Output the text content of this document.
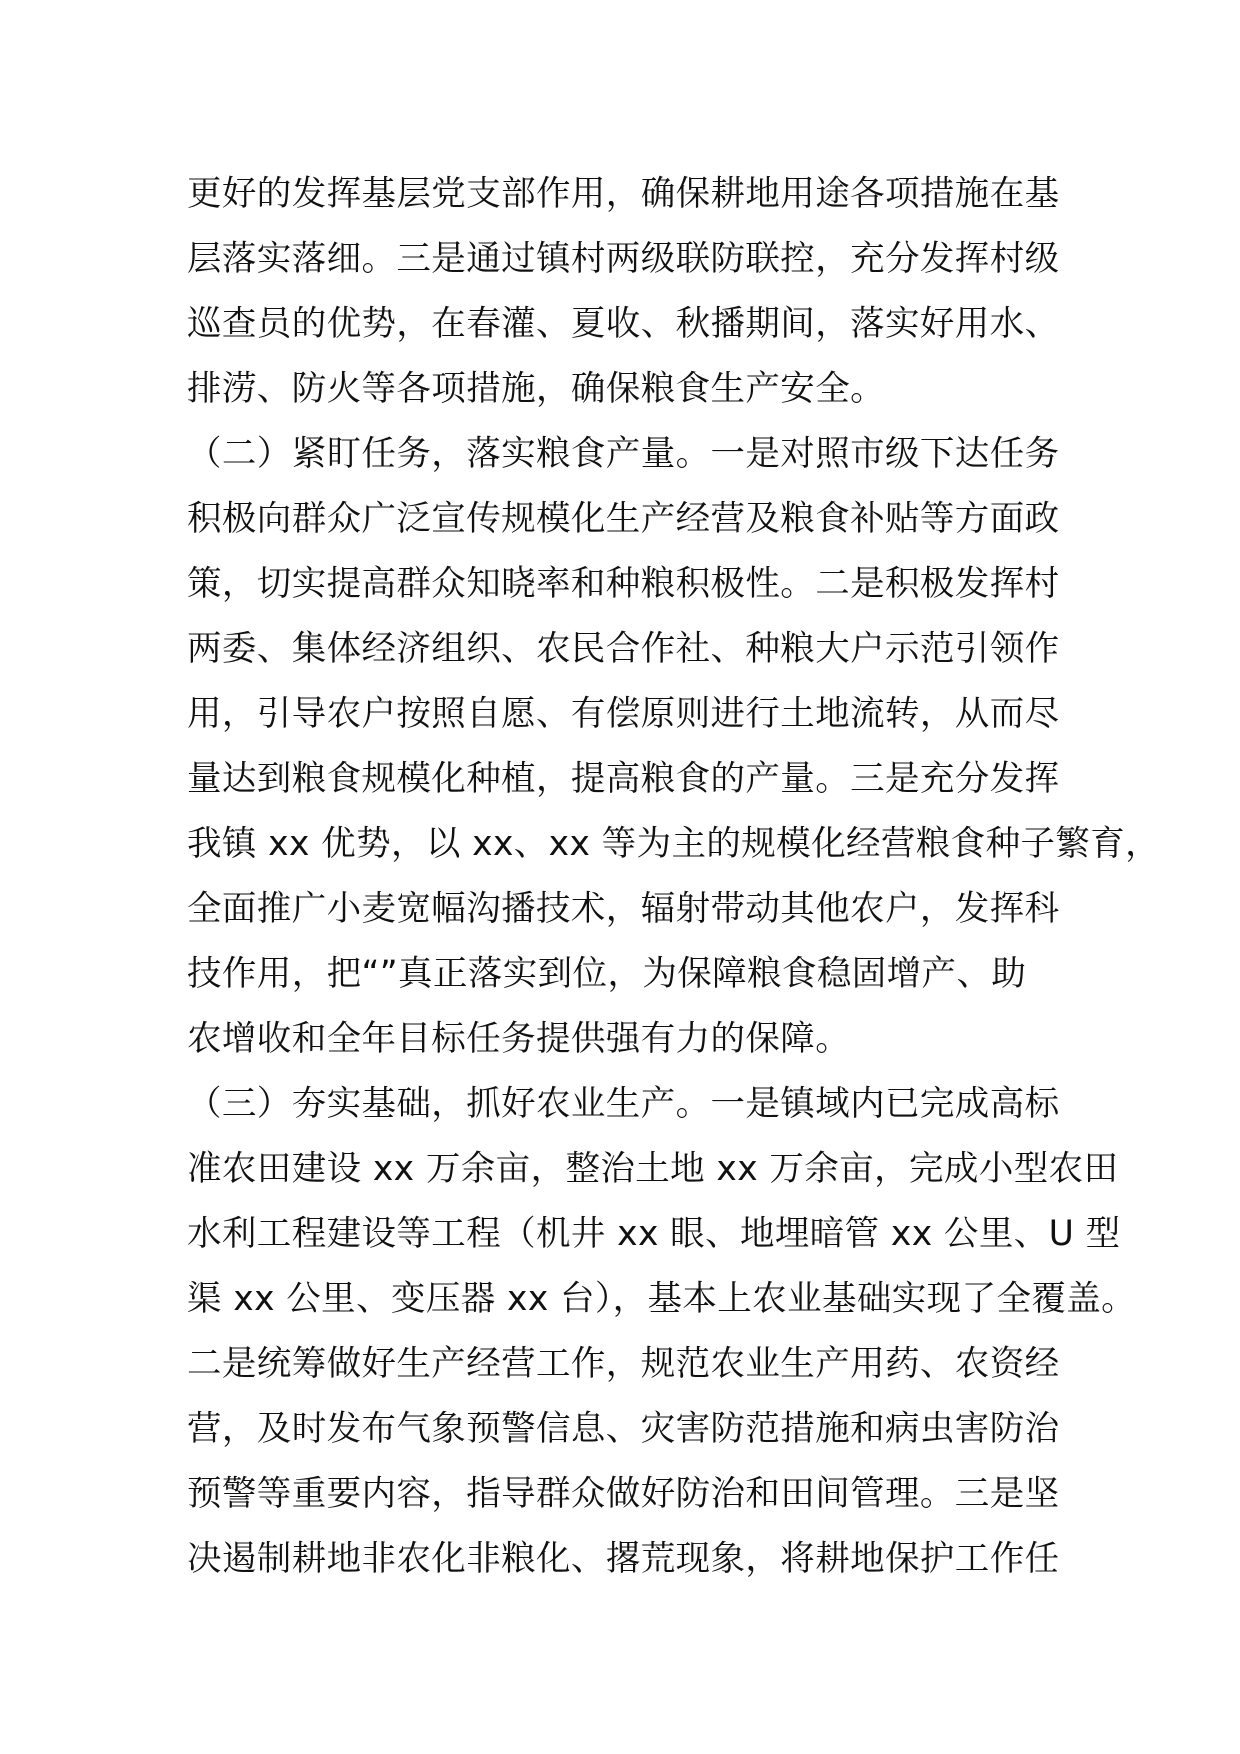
更好的发挥基层党支部作用，确保耕地用途各项措施在基
层落实落细。三是通过镇村两级联防联控，充分发挥村级
巡查员的优势，在春灌、夏收、秋播期间，落实好用水、
排涝、防火等各项措施，确保粮食生产安全。
（二）紧盯任务，落实粮食产量。一是对照市级下达任务
积极向群众广泛宣传规模化生产经营及粮食补贴等方面政
策，切实提高群众知晓率和种粮积极性。二是积极发挥村
两委、集体经济组织、农民合作社、种粮大户示范引领作
用，引导农户按照自愿、有偿原则进行土地流转，从而尽
量达到粮食规模化种植，提高粮食的产量。三是充分发挥
我镇 xx 优势，以 xx、xx 等为主的规模化经营粮食种子繁育，
全面推广小麦宽幅沟播技术，辐射带动其他农户，发挥科
技作用，把“”真正落实到位，为保障粮食稳固增产、助
农增收和全年目标任务提供强有力的保障。
（三）夯实基础，抓好农业生产。一是镇域内已完成高标
准农田建设 xx 万余亩，整治土地 xx 万余亩，完成小型农田
水利工程建设等工程（机井 xx 眼、地埋暗管 xx 公里、U 型
渠 xx 公里、变压器 xx 台），基本上农业基础实现了全覆盖。
二是统筹做好生产经营工作，规范农业生产用药、农资经
营，及时发布气象预警信息、灾害防范措施和病虫害防治
预警等重要内容，指导群众做好防治和田间管理。三是坚
决遏制耕地非农化非粮化、撂荒现象，将耕地保护工作任
